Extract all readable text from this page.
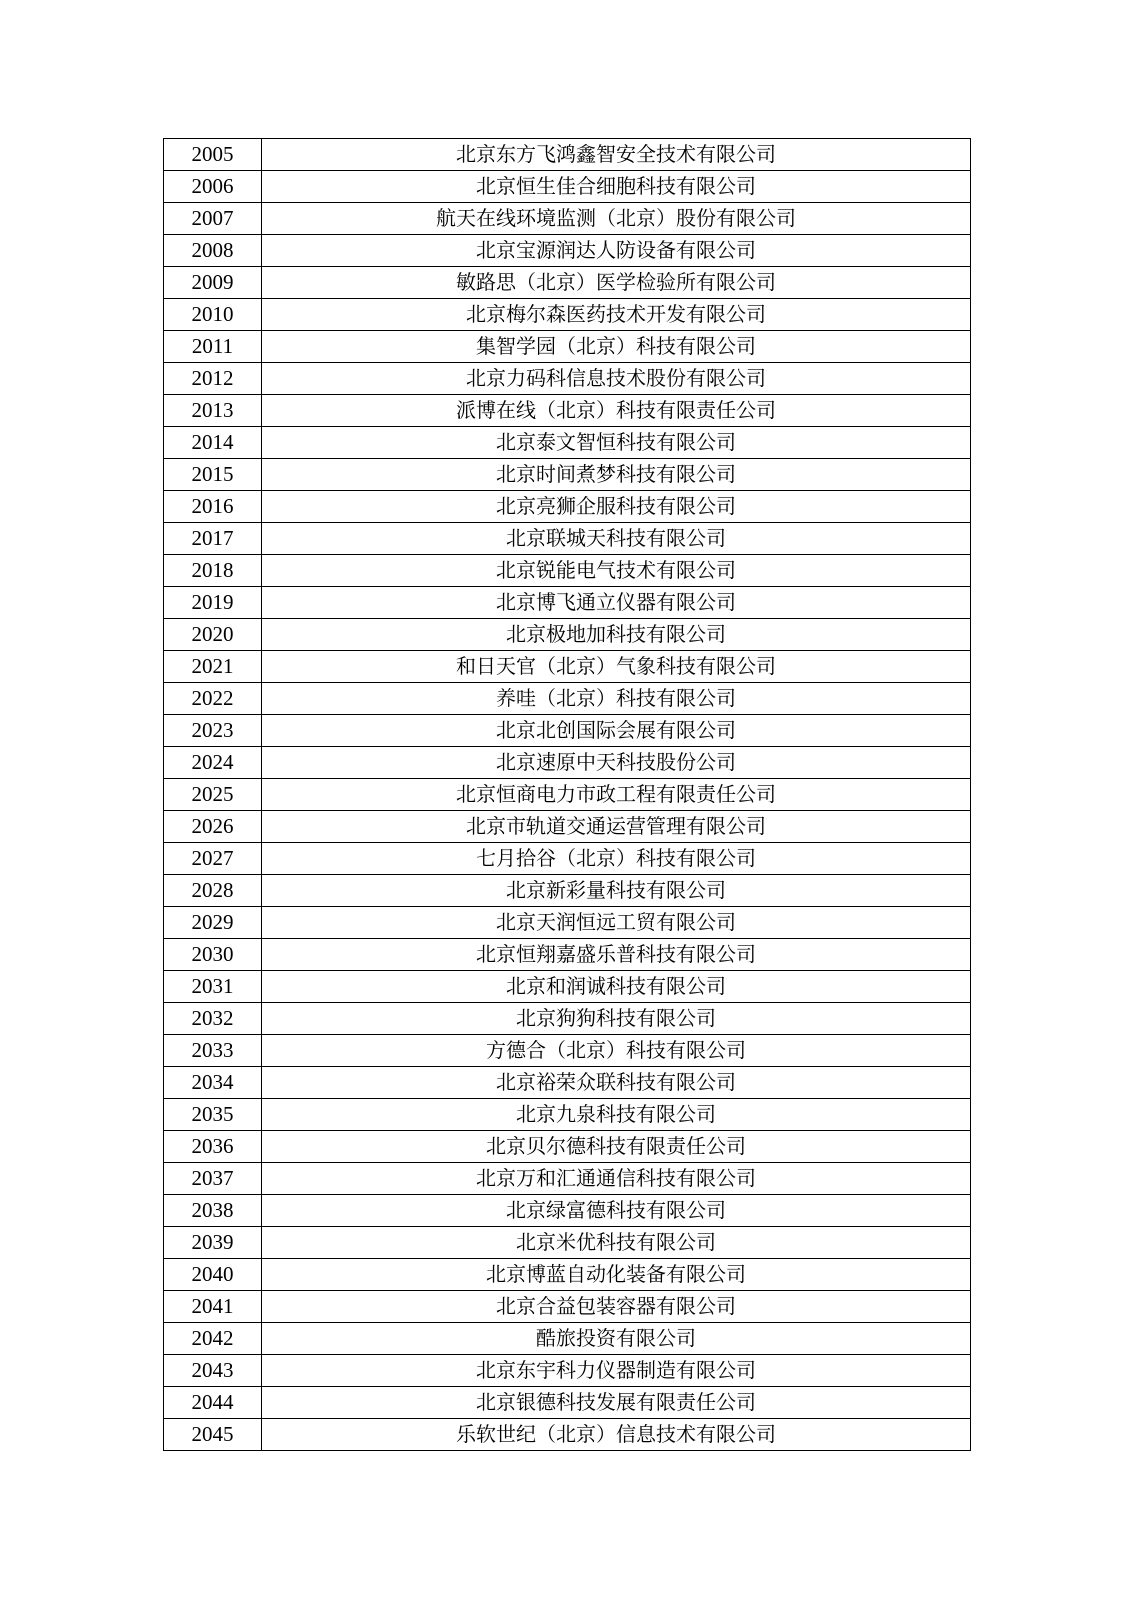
2005	北京东方飞鸿鑫智安全技术有限公司
2006	北京恒生佳合细胞科技有限公司
2007	航天在线环境监测（北京）股份有限公司
2008	北京宝源润达人防设备有限公司
2009	敏路思（北京）医学检验所有限公司
2010	北京梅尔森医药技术开发有限公司
2011	集智学园（北京）科技有限公司
2012	北京力码科信息技术股份有限公司
2013	派博在线（北京）科技有限责任公司
2014	北京泰文智恒科技有限公司
2015	北京时间煮梦科技有限公司
2016	北京亮狮企服科技有限公司
2017	北京联城天科技有限公司
2018	北京锐能电气技术有限公司
2019	北京博飞通立仪器有限公司
2020	北京极地加科技有限公司
2021	和日天官（北京）气象科技有限公司
2022	养哇（北京）科技有限公司
2023	北京北创国际会展有限公司
2024	北京速原中天科技股份公司
2025	北京恒商电力市政工程有限责任公司
2026	北京市轨道交通运营管理有限公司
2027	七月拾谷（北京）科技有限公司
2028	北京新彩量科技有限公司
2029	北京天润恒远工贸有限公司
2030	北京恒翔嘉盛乐普科技有限公司
2031	北京和润诚科技有限公司
2032	北京狗狗科技有限公司
2033	方德合（北京）科技有限公司
2034	北京裕荣众联科技有限公司
2035	北京九泉科技有限公司
2036	北京贝尔德科技有限责任公司
2037	北京万和汇通通信科技有限公司
2038	北京绿富德科技有限公司
2039	北京米优科技有限公司
2040	北京博蓝自动化装备有限公司
2041	北京合益包装容器有限公司
2042	酷旅投资有限公司
2043	北京东宇科力仪器制造有限公司
2044	北京银德科技发展有限责任公司
2045	乐软世纪（北京）信息技术有限公司
